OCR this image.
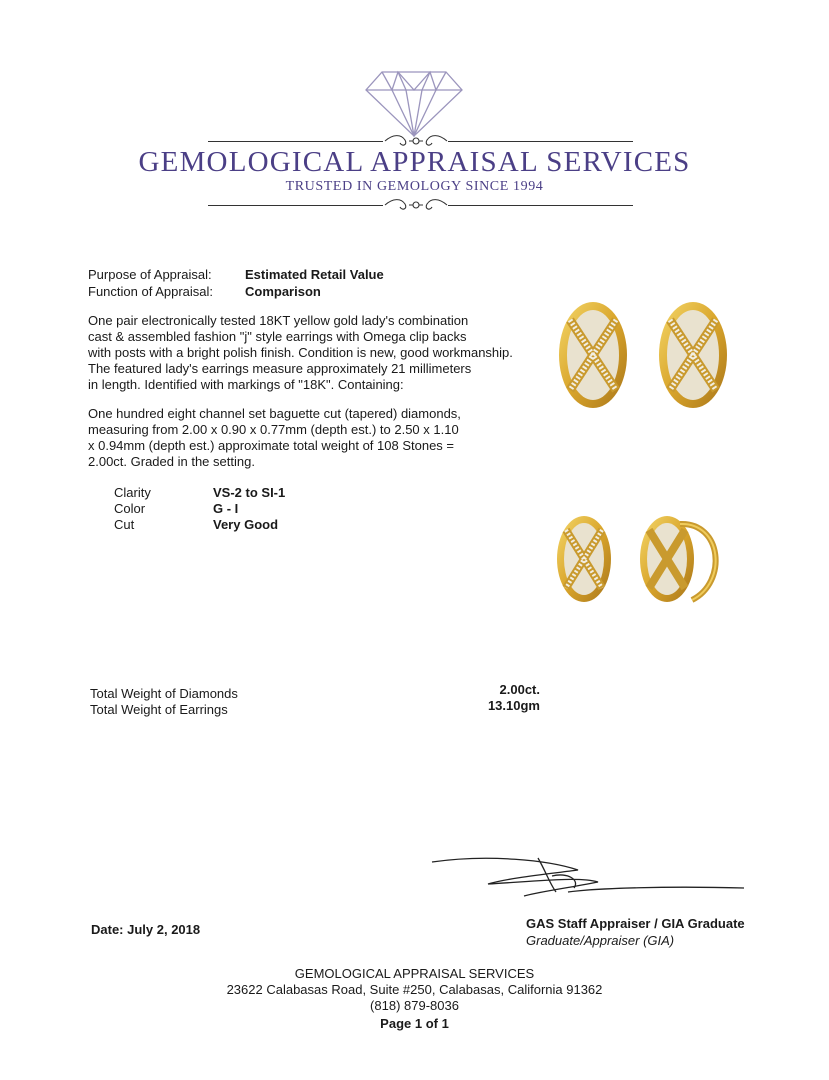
GEMOLOGICAL APPRAISAL SERVICES
TRUSTED IN GEMOLOGY SINCE 1994
Purpose of Appraisal:	Estimated Retail Value
Function of Appraisal: Comparison

One pair electronically tested 18KT yellow gold lady's combination

cast & assembled fashion "j" style earrings with Omega clip backs

with posts with a bright polish finish. Condition is new, good workmanship.

The featured lady's earrings measure approximately 21 millimeters

in length. Identified with markings of "18K". Containing:

One hundred eight channel set baguette cut (tapered) diamonds,

measuring from 2.00 x 0.90 x 0.77mm (depth est.) to 2.50 x 1.10

x 0.94mm (depth est.) approximate total weight of 108 Stones =

2.00ct. Graded in the setting.

Clarity	VS-2 to SI-1
Color	G - I
Cut	Very Good
Total Weight of Diamonds	2.00ct.
Total Weight of Earrings	13.10gm
Date: July 2, 2018	GAS Staff Appraiser / GIA Graduate
Graduate/Appraiser (GIA)
GEMOLOGICAL APPRAISAL SERVICES
23622 Calabasas Road, Suite #250, Calabasas, California 91362
(818) 879-8036
Page 1 of 1
